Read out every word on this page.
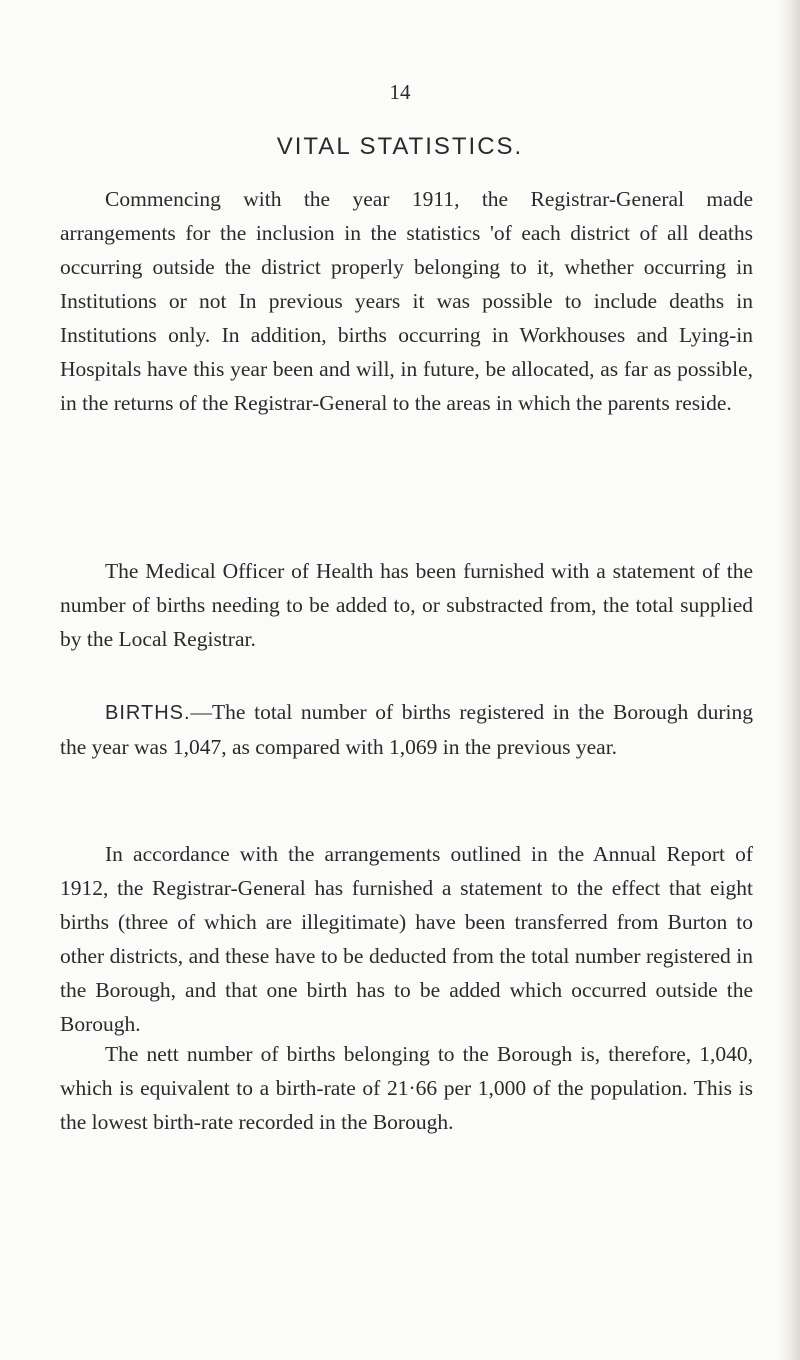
14
VITAL STATISTICS.

Commencing with the year 1911, the Registrar-General made arrangements for the inclusion in the statistics 'of each district of all deaths occurring outside the district properly belonging to it, whether occurring in Institutions or not In previous years it was possible to include deaths in Institutions only. In addition, births occurring in Workhouses and Lying-in Hospitals have this year been and will, in future, be allocated, as far as possible, in the returns of the Registrar-General to the areas in which the parents reside.

The Medical Officer of Health has been furnished with a statement of the number of births needing to be added to, or substracted from, the total supplied by the Local Registrar.

BIRTHS.—The total number of births registered in the Borough during the year was 1,047, as compared with 1,069 in the previous year.

In accordance with the arrangements outlined in the Annual Report of 1912, the Registrar-General has furnished a statement to the effect that eight births (three of which are illegitimate) have been transferred from Burton to other districts, and these have to be deducted from the total number registered in the Borough, and that one birth has to be added which occurred outside the Borough.

The nett number of births belonging to the Borough is, therefore, 1,040, which is equivalent to a birth-rate of 21·66 per 1,000 of the population. This is the lowest birth-rate recorded in the Borough.
